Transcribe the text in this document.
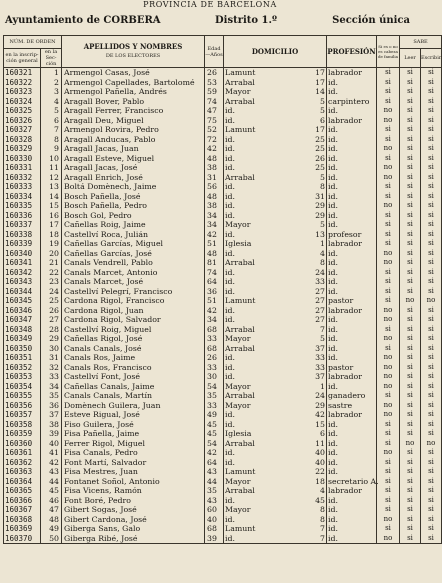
PROVINCIA DE BARCELONA
Ayuntamiento de CORBERA	Distrito 1.º	Sección única
NÚM. DE ORDEN		APELLIDOS Y NOMBRES
DE LOS ELECTORES	Edad —Años	DOMICILIO	PROFESIÓN	Si es o no es cabeza de familia	SABE	
en la inscrip-ción general	en la Sec-ción						Leer	Escribir
160321	1	Armengol Casas, José	26	Lamunt 17	labrador	si	si	si
160322	2	Armengol Capellades, Bartolomé	53	Arrabal 17	id.	si	si	si
160323	3	Armengol Pañella, Andrés	59	Mayor 14	id.	si	si	si
160324	4	Aragall Bover, Pablo	74	Arrabal 5	carpintero	si	si	si
160325	5	Aragall Ferrer, Francisco	47	id. 5	id.	no	si	si
160326	6	Aragall Deu, Miguel	75	id. 6	labrador	no	si	si
160327	7	Armengol Rovira, Pedro	52	Lamunt 17	id.	si	si	si
160328	8	Aragall Anducas, Pablo	72	id. 25	id.	si	si	si
160329	9	Aragall Jacas, Juan	42	id. 25	id.	no	si	si
160330	10	Aragall Esteve, Miguel	48	id. 26	id.	si	si	si
160331	11	Aragall Jacas, José	38	id. 25	id.	no	si	si
160332	12	Aragall Enrich, José	31	Arrabal 5	id.	no	si	si
160333	13	Boltá Domènech, Jaime	56	id. 8	id.	si	si	si
160334	14	Bosch Pañella, José	48	id. 31	id.	si	si	si
160335	15	Bosch Pañella, Pedro	38	id. 29	id.	no	si	si
160336	16	Bosch Gol, Pedro	34	id. 29	id.	si	si	si
160337	17	Cañellas Roig, Jaime	34	Mayor 5	id.	si	si	si
160338	18	Castellví Roca, Julián	42	id. 13	profesor	si	si	si
160339	19	Cañellas Garcías, Miguel	51	Iglesia 1	labrador	si	si	si
160340	20	Cañellas Garcías, José	48	id. 4	id.	no	si	si
160341	21	Canals Vendrell, Pablo	81	Arrabal 8	id.	no	si	si
160342	22	Canals Marcet, Antonio	74	id. 24	id.	si	si	si
160343	23	Canals Marcet, José	64	id. 33	id.	si	si	si
160344	24	Castellví Pelegrí, Francisco	36	id. 27	id.	si	si	si
160345	25	Cardona Rigol, Francisco	51	Lamunt 27	pastor	si	no	no
160346	26	Cardona Rigol, Juan	42	id. 27	labrador	no	si	si
160347	27	Cardona Rigol, Salvador	34	id. 27	id.	no	si	si
160348	28	Castellví Roig, Miguel	68	Arrabal 7	id.	si	si	si
160349	29	Cañellas Rigol, José	33	Mayor 5	id.	no	si	si
160350	30	Canals Canals, José	68	Arrabal 37	id.	si	si	si
160351	31	Canals Ros, Jaime	26	id. 33	id.	no	si	si
160352	32	Canals Ros, Francisco	33	id. 33	pastor	no	si	si
160353	33	Castellví Font, José	30	id. 37	labrador	no	si	si
160354	34	Cañellas Canals, Jaime	54	Mayor 1	id.	no	si	si
160355	35	Canals Canals, Martín	35	Arrabal 24	ganadero	si	si	si
160356	36	Domènech Guilera, Juan	33	Mayor 29	sastre	no	si	si
160357	37	Esteve Rigual, José	49	id. 42	labrador	no	si	si
160358	38	Fiso Guilera, José	45	id. 15	id.	si	si	si
160359	39	Fisa Pañella, Jaime	45	Iglesia 6	id.	si	si	si
160360	40	Ferrer Rigol, Miguel	54	Arrabal 11	id.	si	no	no
160361	41	Fisa Canals, Pedro	42	id. 40	id.	no	si	si
160362	42	Font Martí, Salvador	64	id. 40	id.	si	si	si
160363	43	Fisa Mestres, Juan	43	Lamunt 22	id.	si	si	si
160364	44	Fontanet Soñol, Antonio	44	Mayor 18	secretario A.	si	si	si
160365	45	Fisa Vicens, Ramón	35	Arrabal 4	labrador	si	si	si
160366	46	Font Boré, Pedro	43	id. 45	id.	si	si	si
160367	47	Gibert Sogas, José	60	Mayor 8	id.	si	si	si
160368	48	Gibert Cardona, José	40	id. 8	id.	no	si	si
160369	49	Giberga Sans, Galo	68	Lamunt 7	id.	si	si	si
160370	50	Giberga Ribé, José	39	id. 7	id.	no	si	si
